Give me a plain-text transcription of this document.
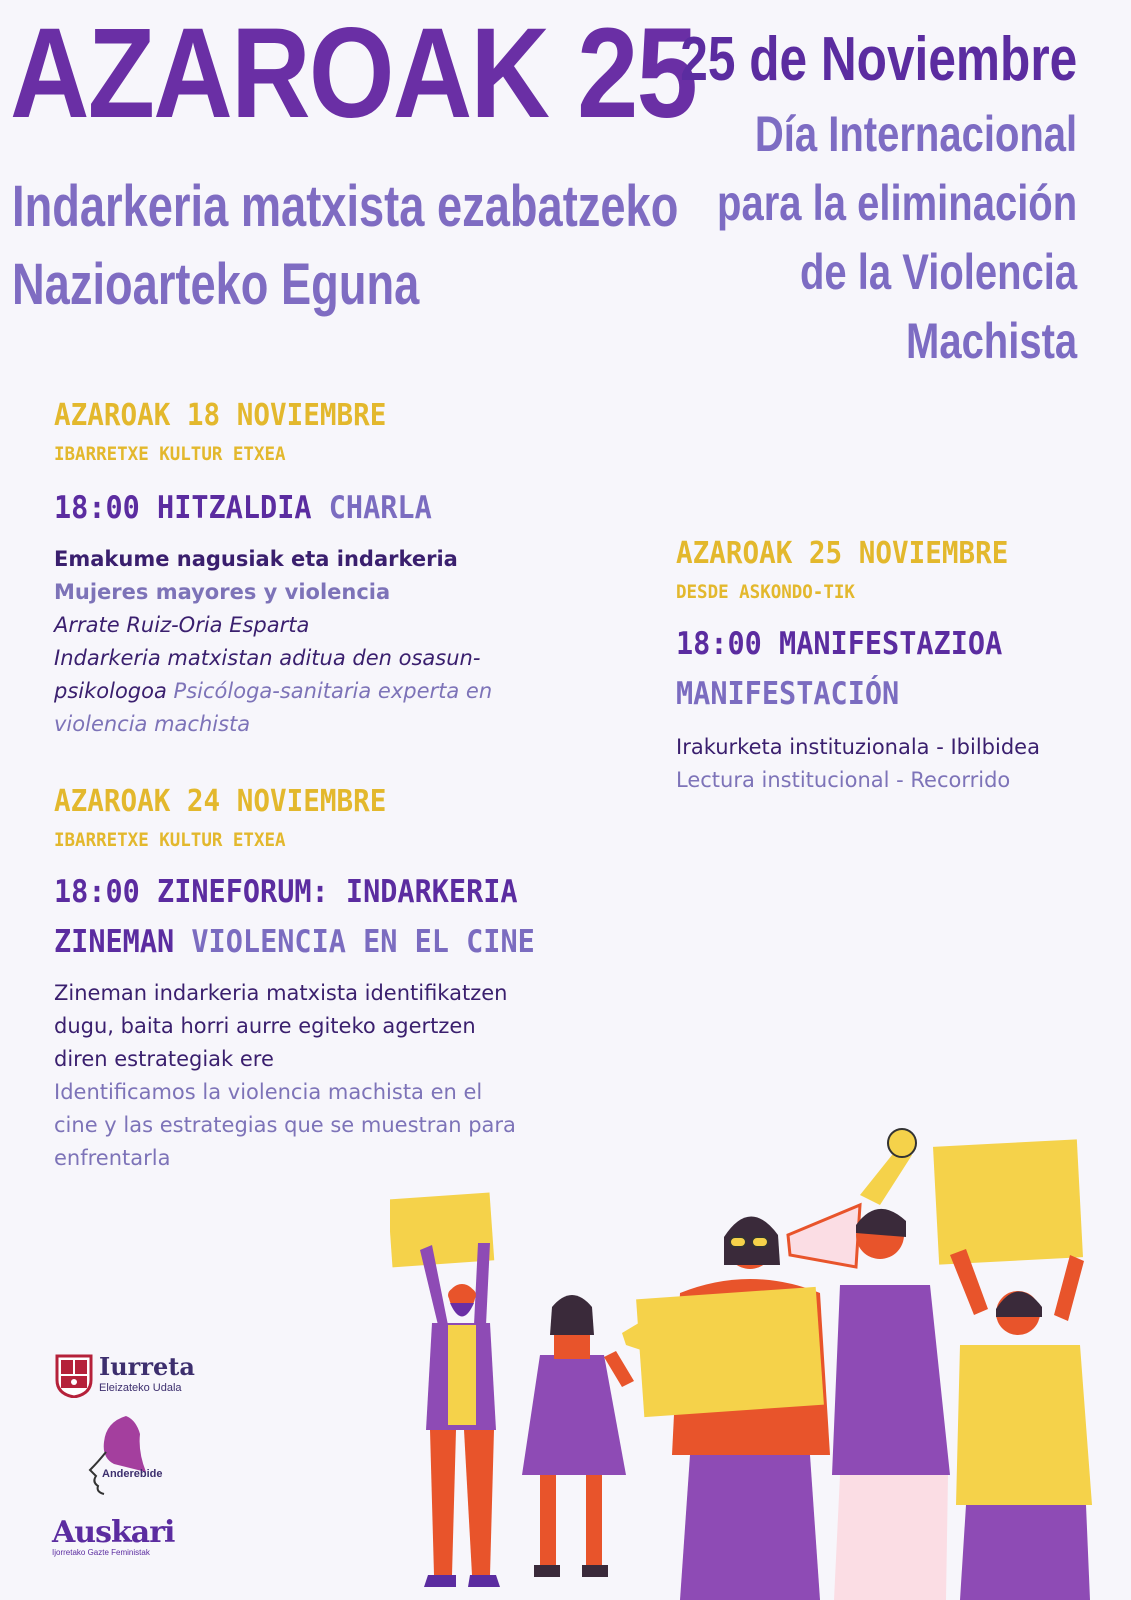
AZAROAK 25
Indarkeria matxista ezabatzeko
Nazioarteko Eguna
25 de Noviembre
Día Internacional
para la eliminación
de la Violencia
Machista
AZAROAK 18 NOVIEMBRE
IBARRETXE KULTUR ETXEA
18:00 HITZALDIA CHARLA
Emakume nagusiak eta indarkeria
Mujeres mayores y violencia
Arrate Ruiz-Oria Esparta
Indarkeria matxistan aditua den osasun-
psikologoa Psicóloga-sanitaria experta en
violencia machista
AZAROAK 24 NOVIEMBRE
IBARRETXE KULTUR ETXEA
18:00 ZINEFORUM: INDARKERIA
ZINEMAN VIOLENCIA EN EL CINE
Zineman indarkeria matxista identifikatzen
dugu, baita horri aurre egiteko agertzen
diren estrategiak ere
Identificamos la violencia machista en el
cine y las estrategias que se muestran para
enfrentarla
AZAROAK 25 NOVIEMBRE
DESDE ASKONDO-TIK
18:00 MANIFESTAZIOA
MANIFESTACIÓN
Irakurketa instituzionala - Ibilbidea
Lectura institucional - Recorrido
Iurreta
Eleizateko Udala
Anderebide
Auskari
Ijorretako Gazte Feministak
